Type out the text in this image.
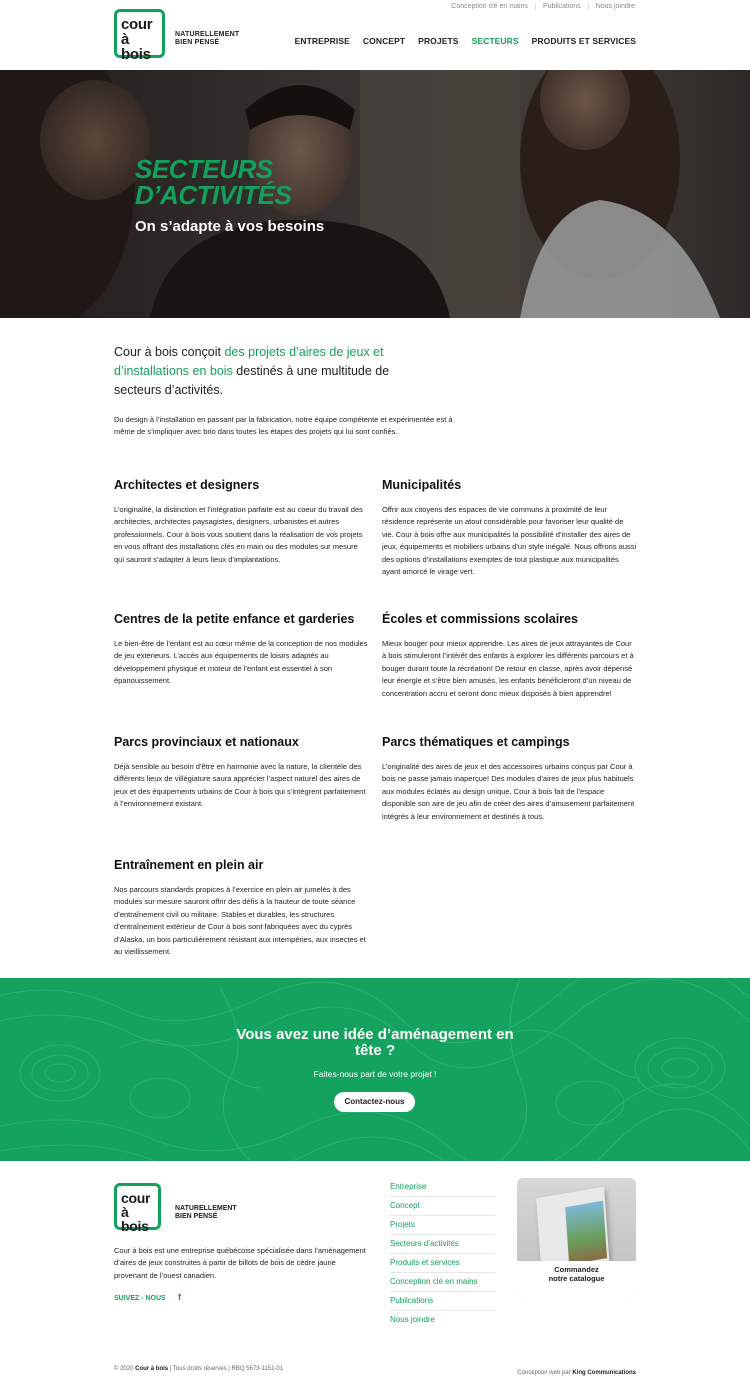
cour
à bois
NATURELLEMENT
BIEN PENSÉ
Conception clé en mains	Publications	Nous joindre
ENTREPRISE CONCEPT PROJETS SECTEURS PRODUITS ET SERVICES
SECTEURS
D’ACTIVITÉS
On s’adapte à vos besoins
Cour à bois conçoit des projets d’aires de jeux et d’installations en bois destinés à une multitude de secteurs d’activités.

Du design à l’installation en passant par la fabrication, notre équipe compétente et expérimentée est à même de s’impliquer avec brio dans toutes les étapes des projets qui lui sont confiés.

Architectes et designers

L’originalité, la distinction et l’intégration parfaite est au coeur du travail des architectes, architectes paysagistes, designers, urbanistes et autres professionnels. Cour à bois vous soutient dans la réalisation de vos projets en vous offrant des installations clés en main ou des modules sur mesure qui sauront s’adapter à leurs lieux d’implantations.

Municipalités

Offrir aux citoyens des espaces de vie communs à proximité de leur résidence représente un atout considérable pour favoriser leur qualité de vie. Cour à bois offre aux municipalités la possibilité d’installer des aires de jeux, équipements et mobiliers urbains d’un style inégalé. Nous offrons aussi des options d’installations exemptes de tout plastique aux municipalités ayant amorcé le virage vert.

Centres de la petite enfance et garderies

Le bien-être de l’enfant est au cœur même de la conception de nos modules de jeu extérieurs. L’accès aux équipements de loisirs adaptés au développement physique et moteur de l’enfant est essentiel à son épanouissement.

Écoles et commissions scolaires

Mieux bouger pour mieux apprendre. Les aires de jeux attrayantes de Cour à bois stimuleront l’intérêt des enfants à explorer les différents parcours et à bouger durant toute la récréation! De retour en classe, après avoir dépensé leur énergie et s’être bien amusés, les enfants bénéficieront d’un niveau de concentration accru et seront donc mieux disposés à bien apprendre!

Parcs provinciaux et nationaux

Déjà sensible au besoin d’être en harmonie avec la nature, la clientèle des différents lieux de villégiature saura apprécier l’aspect naturel des aires de jeux et des équipements urbains de Cour à bois qui s’intègrent parfaitement à l’environnement existant.

Parcs thématiques et campings

L’originalité des aires de jeux et des accessoires urbains conçus par Cour à bois ne passe jamais inaperçue! Des modules d’aires de jeux plus habituels aux modules éclatés au design unique, Cour à bois fait de l’espace disponible son aire de jeu afin de créer des aires d’amusement parfaitement intégrés à leur environnement et destinés à tous.

Entraînement en plein air

Nos parcours standards propices à l’exercice en plein air jumelés à des modules sur mesure sauront offrir des défis à la hauteur de toute séance d’entraînement civil ou militaire. Stables et durables, les structures d’entraînement extérieur de Cour à bois sont fabriquées avec du cyprès d’Alaska, un bois particulièrement résistant aux intempéries, aux insectes et au vieillissement.

Vous avez une idée d’aménagement en
tête ?
Faites-nous part de votre projet !
Contactez-nous
cour
à bois
NATURELLEMENT
BIEN PENSÉ

Cour à bois est une entreprise québécoise spécialisée dans l’aménagement d’aires de jeux construites à partir de billots de bois de cèdre jaune provenant de l’ouest canadien.

SUIVEZ - NOUS f
Entreprise
Concept
Projets
Secteurs d’activités
Produits et services
Conception clé en mains
Publications
Nous joindre
Commandez
notre catalogue
© 2020 Cour à bois | Tous droits réservés | RBQ 5673-1151-01
Conception web par King Communications
